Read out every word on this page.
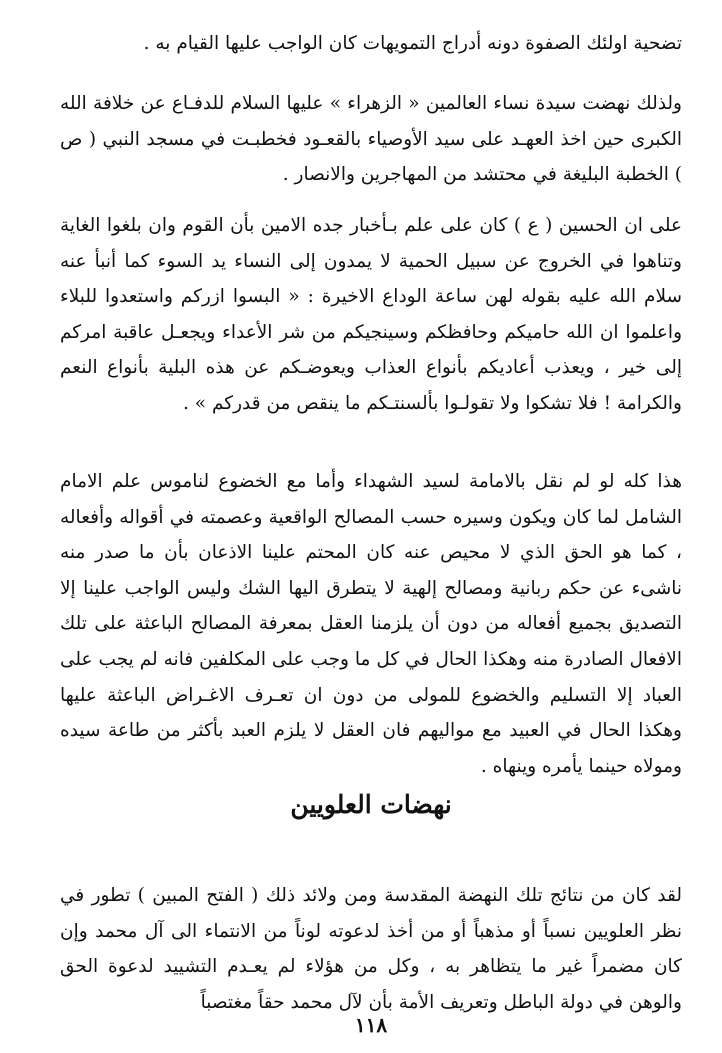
تضحية اولئك الصفوة دونه أدراج التمويهات كان الواجب عليها القيام به .

ولذلك نهضت سيدة نساء العالمين « الزهراء » عليها السلام للدفـاع عن خلافة الله الكبرى حين اخذ العهـد على سيد الأوصياء بالقعـود فخطبـت في مسجد النبي ( ص ) الخطبة البليغة في محتشد من المهاجرين والانصار .

على ان الحسين ( ع ) كان على علم بـأخبار جده الامين بأن القوم وان بلغوا الغاية وتناهوا في الخروج عن سبيل الحمية لا يمدون إلى النساء يد السوء كما أنبأ عنه سلام الله عليه بقوله لهن ساعة الوداع الاخيرة : « البسوا ازركم واستعدوا للبلاء واعلموا ان الله حاميكم وحافظكم وسينجيكم من شر الأعداء ويجعـل عاقبة امركم إلى خير ، ويعذب أعاديكم بأنواع العذاب ويعوضـكم عن هذه البلية بأنواع النعم والكرامة ! فلا تشكوا ولا تقولـوا بألسنتـكم ما ينقص من قدركم » .

هذا كله لو لم نقل بالامامة لسيد الشهداء وأما مع الخضوع لناموس علم الامام الشامل لما كان ويكون وسيره حسب المصالح الواقعية وعصمته في أقواله وأفعاله ، كما هو الحق الذي لا محيص عنه كان المحتم علينا الاذعان بأن ما صدر منه ناشىء عن حكم ربانية ومصالح إلهية لا يتطرق اليها الشك وليس الواجب علينا إلا التصديق بجميع أفعاله من دون أن يلزمنا العقل بمعرفة المصالح الباعثة على تلك الافعال الصادرة منه وهكذا الحال في كل ما وجب على المكلفين فانه لم يجب على العباد إلا التسليم والخضوع للمولى من دون ان تعـرف الاغـراض الباعثة عليها وهكذا الحال في العبيد مع مواليهم فان العقل لا يلزم العبد بأكثر من طاعة سيده ومولاه حينما يأمره وينهاه .

نهضات العلويين

لقد كان من نتائج تلك النهضة المقدسة ومن ولائد ذلك ( الفتح المبين ) تطور في نظر العلويين نسباً أو مذهباً أو من أخذ لدعوته لوناً من الانتماء الى آل محمد وإن كان مضمراً غير ما يتظاهر به ، وكل من هؤلاء لم يعـدم التشييد لدعوة الحق والوهن في دولة الباطل وتعريف الأمة بأن لآل محمد حقاً مغتصباً

١١٨
